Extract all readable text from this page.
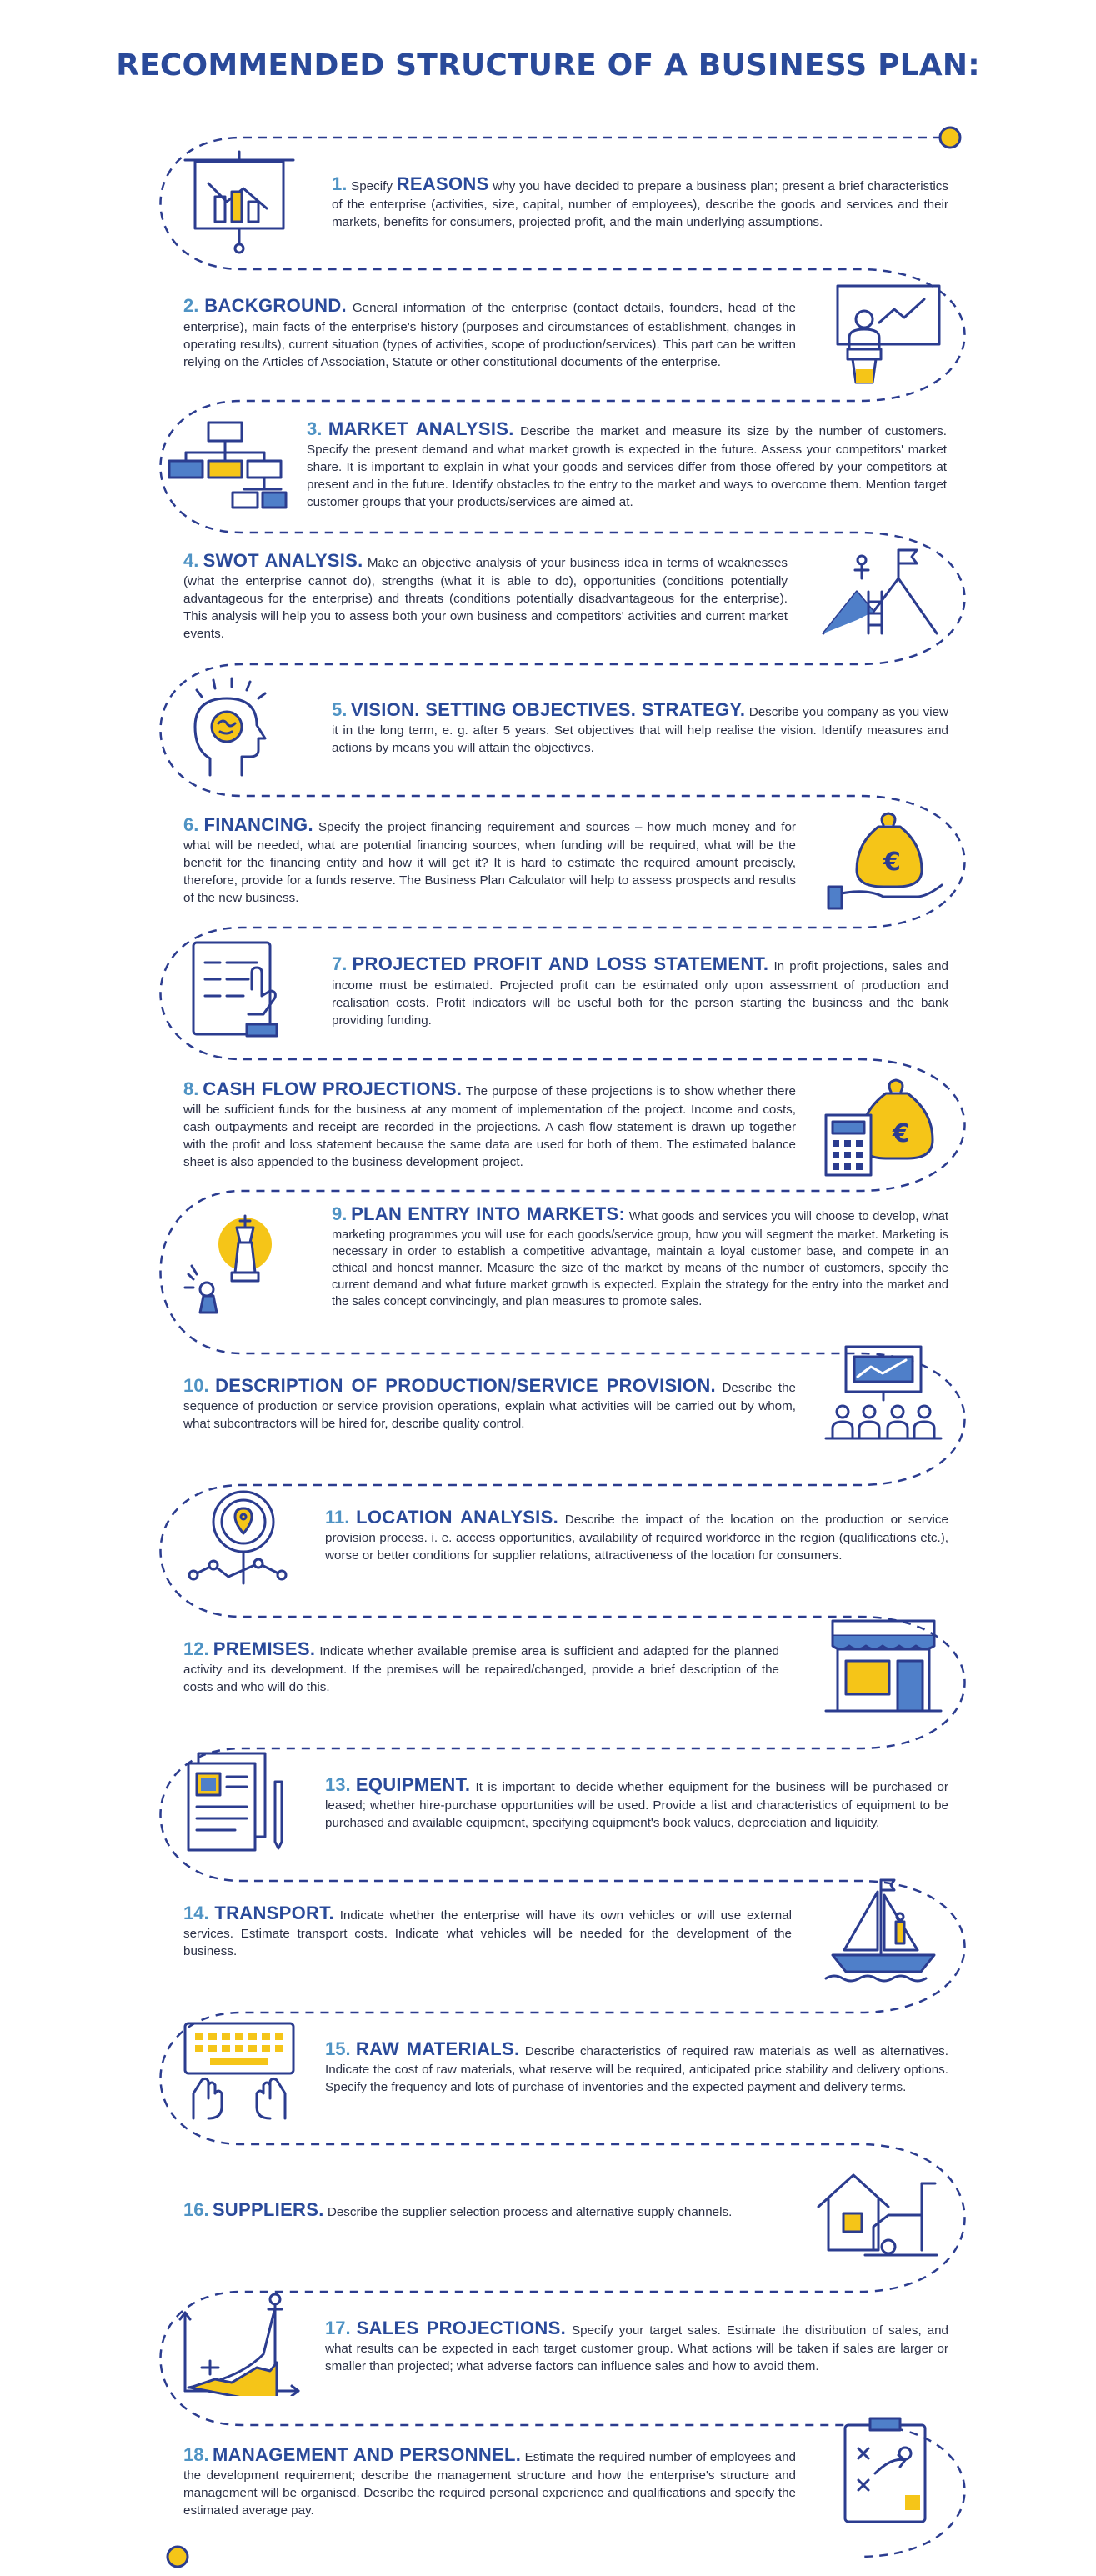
RECOMMENDED STRUCTURE OF A BUSINESS PLAN:
1. Specify REASONS why you have decided to prepare a business plan; present a brief characteristics of the enterprise (activities, size, capital, number of employees), describe the goods and services and their markets, benefits for consumers, projected profit, and the main underlying assumptions.
2. BACKGROUND. General information of the enterprise (contact details, founders, head of the enterprise), main facts of the enterprise's history (purposes and circumstances of establishment, changes in operating results), current situation (types of activities, scope of production/services). This part can be written relying on the Articles of Association, Statute or other constitutional documents of the enterprise.
3. MARKET ANALYSIS. Describe the market and measure its size by the number of customers. Specify the present demand and what market growth is expected in the future. Assess your competitors' market share. It is important to explain in what your goods and services differ from those offered by your competitors at present and in the future. Identify obstacles to the entry to the market and ways to overcome them. Mention target customer groups that your products/services are aimed at.
4. SWOT ANALYSIS. Make an objective analysis of your business idea in terms of weaknesses (what the enterprise cannot do), strengths (what it is able to do), opportunities (conditions potentially advantageous for the enterprise) and threats (conditions potentially disadvantageous for the enterprise). This analysis will help you to assess both your own business and competitors' activities and current market events.
5. VISION. SETTING OBJECTIVES. STRATEGY. Describe you company as you view it in the long term, e. g. after 5 years. Set objectives that will help realise the vision. Identify measures and actions by means you will attain the objectives.
6. FINANCING. Specify the project financing requirement and sources – how much money and for what will be needed, what are potential financing sources, when funding will be required, what will be the benefit for the financing entity and how it will get it? It is hard to estimate the required amount precisely, therefore, provide for a funds reserve. The Business Plan Calculator will help to assess prospects and results of the new business.
7. PROJECTED PROFIT AND LOSS STATEMENT. In profit projections, sales and income must be estimated. Projected profit can be estimated only upon assessment of production and realisation costs. Profit indicators will be useful both for the person starting the business and the bank providing funding.
8. CASH FLOW PROJECTIONS. The purpose of these projections is to show whether there will be sufficient funds for the business at any moment of implementation of the project. Income and costs, cash outpayments and receipt are recorded in the projections. A cash flow statement is drawn up together with the profit and loss statement because the same data are used for both of them. The estimated balance sheet is also appended to the business development project.
9. PLAN ENTRY INTO MARKETS: What goods and services you will choose to develop, what marketing programmes you will use for each goods/service group, how you will segment the market. Marketing is necessary in order to establish a competitive advantage, maintain a loyal customer base, and compete in an ethical and honest manner. Measure the size of the market by means of the number of customers, specify the current demand and what future market growth is expected. Explain the strategy for the entry into the market and the sales concept convincingly, and plan measures to promote sales.
10. DESCRIPTION OF PRODUCTION/SERVICE PROVISION. Describe the sequence of production or service provision operations, explain what activities will be carried out by whom, what subcontractors will be hired for, describe quality control.
11. LOCATION ANALYSIS. Describe the impact of the location on the production or service provision process. i. e. access opportunities, availability of required workforce in the region (qualifications etc.), worse or better conditions for supplier relations, attractiveness of the location for consumers.
12. PREMISES. Indicate whether available premise area is sufficient and adapted for the planned activity and its development. If the premises will be repaired/changed, provide a brief description of the costs and who will do this.
13. EQUIPMENT. It is important to decide whether equipment for the business will be purchased or leased; whether hire-purchase opportunities will be used. Provide a list and characteristics of equipment to be purchased and available equipment, specifying equipment's book values, depreciation and liquidity.
14. TRANSPORT. Indicate whether the enterprise will have its own vehicles or will use external services. Estimate transport costs. Indicate what vehicles will be needed for the development of the business.
15. RAW MATERIALS. Describe characteristics of required raw materials as well as alternatives. Indicate the cost of raw materials, what reserve will be required, anticipated price stability and delivery options. Specify the frequency and lots of purchase of inventories and the expected payment and delivery terms.
16. SUPPLIERS. Describe the supplier selection process and alternative supply channels.
17. SALES PROJECTIONS. Specify your target sales. Estimate the distribution of sales, and what results can be expected in each target customer group. What actions will be taken if sales are larger or smaller than projected; what adverse factors can influence sales and how to avoid them.
18. MANAGEMENT AND PERSONNEL. Estimate the required number of employees and the development requirement; describe the management structure and how the enterprise's structure and management will be organised. Describe the required personal experience and qualifications and specify the estimated average pay.
€
€
